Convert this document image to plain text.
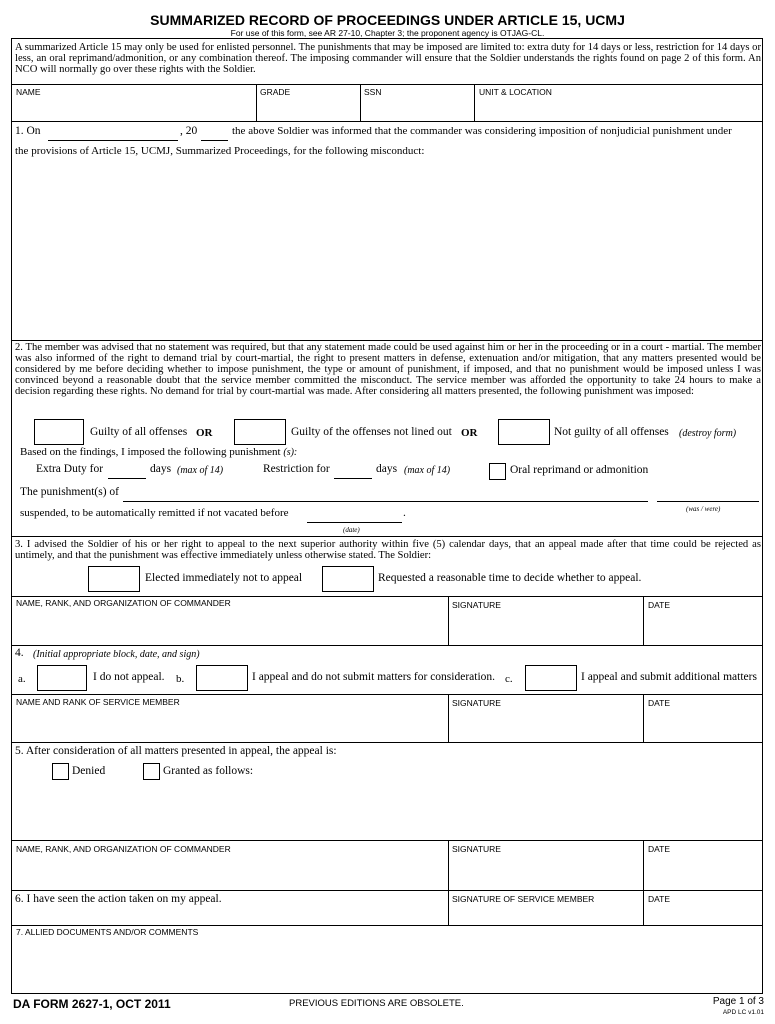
SUMMARIZED RECORD OF PROCEEDINGS UNDER ARTICLE 15, UCMJ
For use of this form, see AR 27-10, Chapter 3; the proponent agency is OTJAG-CL.
A summarized Article 15 may only be used for enlisted personnel. The punishments that may be imposed are limited to: extra duty for 14 days or less, restriction for 14 days or less, an oral reprimand/admonition, or any combination thereof. The imposing commander will ensure that the Soldier understands the rights found on page 2 of this form. An NCO will normally go over these rights with the Soldier.
NAME	GRADE	SSN	UNIT & LOCATION
1. On	, 20	the above Soldier was informed that the commander was considering imposition of nonjudicial punishment under
the provisions of Article 15, UCMJ, Summarized Proceedings, for the following misconduct:
2. The member was advised that no statement was required, but that any statement made could be used against him or her in the proceeding or in a court - martial. The member was also informed of the right to demand trial by court-martial, the right to present matters in defense, extenuation and/or mitigation, that any matters presented would be considered by me before deciding whether to impose punishment, the type or amount of punishment, if imposed, and that no punishment would be imposed unless I was convinced beyond a reasonable doubt that the service member committed the misconduct. The service member was afforded the opportunity to take 24 hours to make a decision regarding these rights. No demand for trial by court-martial was made. After considering all matters presented, the following punishment was imposed:
Guilty of all offenses OR	Guilty of the offenses not lined out OR	Not guilty of all offenses (destroy form)
Based on the findings, I imposed the following punishment (s):
Extra Duty for	days (max of 14)	Restriction for	days (max of 14)	Oral reprimand or admonition
The punishment(s) of
(was / were)
suspended, to be automatically remitted if not vacated before	.
(date)
3. I advised the Soldier of his or her right to appeal to the next superior authority within five (5) calendar days, that an appeal made after that time could be rejected as untimely, and that the punishment was effective immediately unless otherwise stated. The Soldier:
Elected immediately not to appeal	Requested a reasonable time to decide whether to appeal.
NAME, RANK, AND ORGANIZATION OF COMMANDER	SIGNATURE	DATE
4. (Initial appropriate block, date, and sign)
a.	I do not appeal. b.	I appeal and do not submit matters for consideration. c.	I appeal and submit additional matters
NAME AND RANK OF SERVICE MEMBER	SIGNATURE	DATE
5. After consideration of all matters presented in appeal, the appeal is:
Denied	Granted as follows:
NAME, RANK, AND ORGANIZATION OF COMMANDER	SIGNATURE	DATE
6. I have seen the action taken on my appeal.	SIGNATURE OF SERVICE MEMBER	DATE
7. ALLIED DOCUMENTS AND/OR COMMENTS
DA FORM 2627-1, OCT 2011	PREVIOUS EDITIONS ARE OBSOLETE.	Page 1 of 3
APD LC v1.01
